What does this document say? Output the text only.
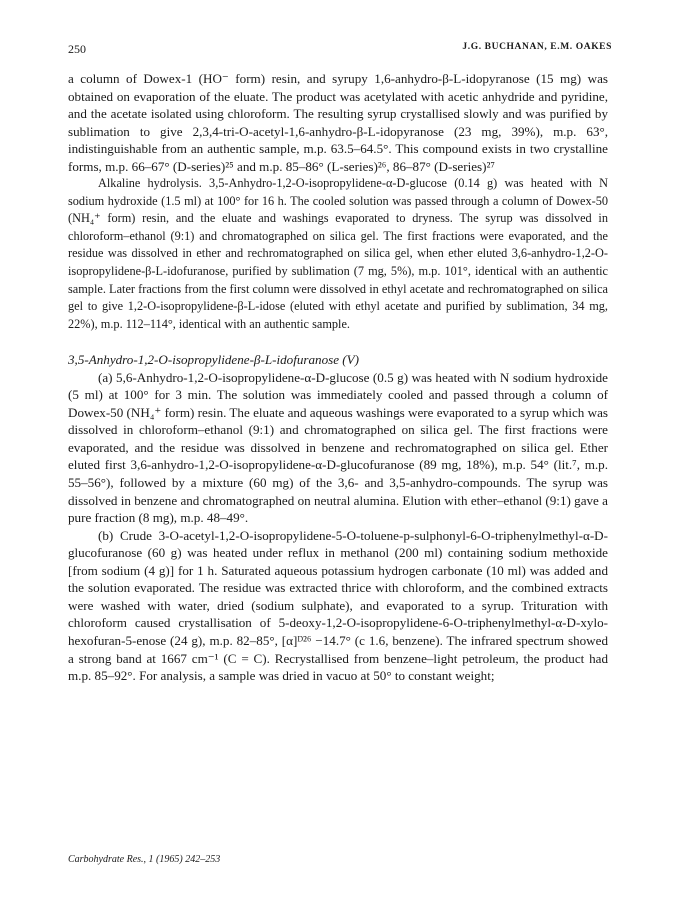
250	J.G. BUCHANAN, E.M. OAKES

a column of Dowex-1 (HO⁻ form) resin, and syrupy 1,6-anhydro-β-L-idopyranose (15 mg) was obtained on evaporation of the eluate. The product was acetylated with acetic anhydride and pyridine, and the acetate isolated using chloroform. The resulting syrup crystallised slowly and was purified by sublimation to give 2,3,4-tri-O-acetyl-1,6-anhydro-β-L-idopyranose (23 mg, 39%), m.p. 63°, indistinguishable from an authentic sample, m.p. 63.5–64.5°. This compound exists in two crystalline forms, m.p. 66–67° (D-series)²⁵ and m.p. 85–86° (L-series)²⁶, 86–87° (D-series)²⁷

Alkaline hydrolysis. 3,5-Anhydro-1,2-O-isopropylidene-α-D-glucose (0.14 g) was heated with N sodium hydroxide (1.5 ml) at 100° for 16 h. The cooled solution was passed through a column of Dowex-50 (NH₄⁺ form) resin, and the eluate and washings evaporated to dryness. The syrup was dissolved in chloroform–ethanol (9:1) and chromatographed on silica gel. The first fractions were evaporated, and the residue was dissolved in ether and rechromatographed on silica gel, when ether eluted 3,6-anhydro-1,2-O-isopropylidene-β-L-idofuranose, purified by sublimation (7 mg, 5%), m.p. 101°, identical with an authentic sample. Later fractions from the first column were dissolved in ethyl acetate and rechromatographed on silica gel to give 1,2-O-isopropylidene-β-L-idose (eluted with ethyl acetate and purified by sublimation, 34 mg, 22%), m.p. 112–114°, identical with an authentic sample.

3,5-Anhydro-1,2-O-isopropylidene-β-L-idofuranose (V)

(a) 5,6-Anhydro-1,2-O-isopropylidene-α-D-glucose (0.5 g) was heated with N sodium hydroxide (5 ml) at 100° for 3 min. The solution was immediately cooled and passed through a column of Dowex-50 (NH₄⁺ form) resin. The eluate and aqueous washings were evaporated to a syrup which was dissolved in chloroform–ethanol (9:1) and chromatographed on silica gel. The first fractions were evaporated, and the residue was dissolved in benzene and rechromatographed on silica gel. Ether eluted first 3,6-anhydro-1,2-O-isopropylidene-α-D-glucofuranose (89 mg, 18%), m.p. 54° (lit.⁷, m.p. 55–56°), followed by a mixture (60 mg) of the 3,6- and 3,5-anhydro-compounds. The syrup was dissolved in benzene and chromatographed on neutral alumina. Elution with ether–ethanol (9:1) gave a pure fraction (8 mg), m.p. 48–49°.

(b) Crude 3-O-acetyl-1,2-O-isopropylidene-5-O-toluene-p-sulphonyl-6-O-triphenylmethyl-α-D-glucofuranose (60 g) was heated under reflux in methanol (200 ml) containing sodium methoxide [from sodium (4 g)] for 1 h. Saturated aqueous potassium hydrogen carbonate (10 ml) was added and the solution evaporated. The residue was extracted thrice with chloroform, and the combined extracts were washed with water, dried (sodium sulphate), and evaporated to a syrup. Trituration with chloroform caused crystallisation of 5-deoxy-1,2-O-isopropylidene-6-O-triphenylmethyl-α-D-xylo-hexofuran-5-enose (24 g), m.p. 82–85°, [α]ᴰ²⁶ −14.7° (c 1.6, benzene). The infrared spectrum showed a strong band at 1667 cm⁻¹ (C = C). Recrystallised from benzene–light petroleum, the product had m.p. 85–92°. For analysis, a sample was dried in vacuo at 50° to constant weight;

Carbohydrate Res., 1 (1965) 242–253
